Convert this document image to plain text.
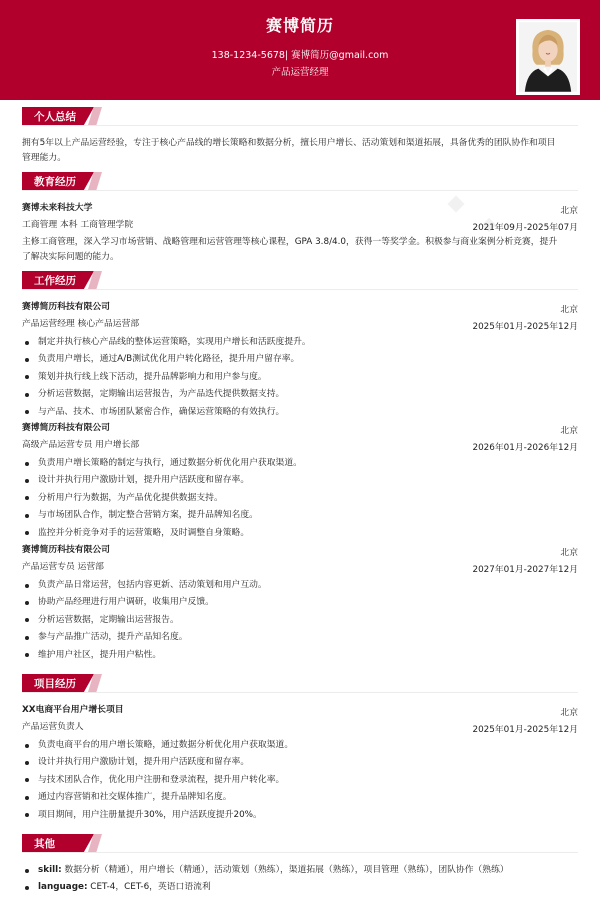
赛博简历
138-1234-5678| 赛博简历@gmail.com
产品运营经理
个人总结
拥有5年以上产品运营经验，专注于核心产品线的增长策略和数据分析，擅长用户增长、活动策划和渠道拓展，具备优秀的团队协作和项目
管理能力。
教育经历
赛博未来科技大学	北京
工商管理 本科 工商管理学院	2021年09月-2025年07月
主修工商管理，深入学习市场营销、战略管理和运营管理等核心课程，GPA 3.8/4.0，获得一等奖学金。积极参与商业案例分析竞赛，提升
了解决实际问题的能力。
工作经历
赛博简历科技有限公司	北京
产品运营经理 核心产品运营部	2025年01月-2025年12月
制定并执行核心产品线的整体运营策略，实现用户增长和活跃度提升。
负责用户增长，通过A/B测试优化用户转化路径，提升用户留存率。
策划并执行线上线下活动，提升品牌影响力和用户参与度。
分析运营数据，定期输出运营报告，为产品迭代提供数据支持。
与产品、技术、市场团队紧密合作，确保运营策略的有效执行。
赛博简历科技有限公司	北京
高级产品运营专员 用户增长部	2026年01月-2026年12月
负责用户增长策略的制定与执行，通过数据分析优化用户获取渠道。
设计并执行用户激励计划，提升用户活跃度和留存率。
分析用户行为数据，为产品优化提供数据支持。
与市场团队合作，制定整合营销方案，提升品牌知名度。
监控并分析竞争对手的运营策略，及时调整自身策略。
赛博简历科技有限公司	北京
产品运营专员 运营部	2027年01月-2027年12月
负责产品日常运营，包括内容更新、活动策划和用户互动。
协助产品经理进行用户调研，收集用户反馈。
分析运营数据，定期输出运营报告。
参与产品推广活动，提升产品知名度。
维护用户社区，提升用户粘性。
项目经历
XX电商平台用户增长项目	北京
产品运营负责人	2025年01月-2025年12月
负责电商平台的用户增长策略，通过数据分析优化用户获取渠道。
设计并执行用户激励计划，提升用户活跃度和留存率。
与技术团队合作，优化用户注册和登录流程，提升用户转化率。
通过内容营销和社交媒体推广，提升品牌知名度。
项目期间，用户注册量提升30%，用户活跃度提升20%。
其他
skill: 数据分析（精通），用户增长（精通），活动策划（熟练），渠道拓展（熟练），项目管理（熟练），团队协作（熟练）
language: CET-4，CET-6，英语口语流利
